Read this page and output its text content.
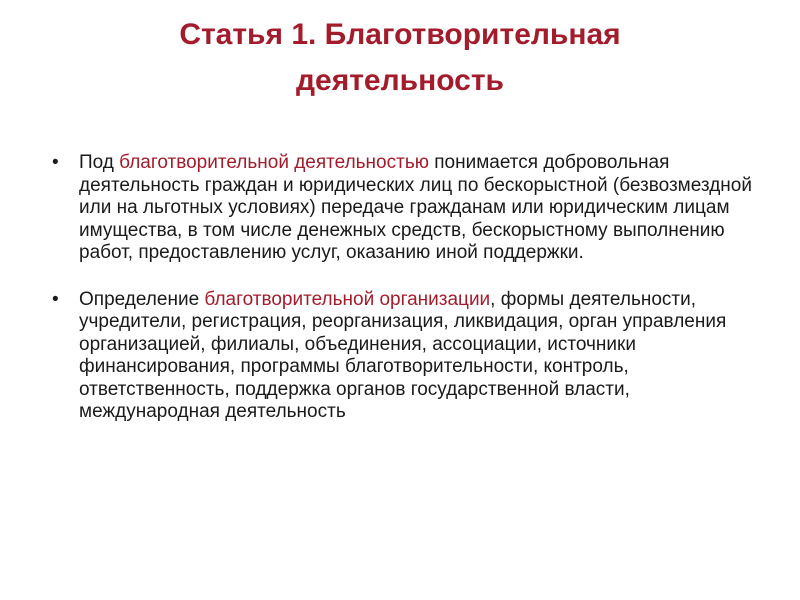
Статья 1. Благотворительная
деятельность
• Под благотворительной деятельностью понимается добровольная деятельность граждан и юридических лиц по бескорыстной (безвозмездной или на льготных условиях) передаче гражданам или юридическим лицам имущества, в том числе денежных средств, бескорыстному выполнению работ, предоставлению услуг, оказанию иной поддержки.
• Определение благотворительной организации, формы деятельности, учредители, регистрация, реорганизация, ликвидация, орган управления организацией, филиалы, объединения, ассоциации, источники финансирования, программы благотворительности, контроль, ответственность, поддержка органов государственной власти, международная деятельность
